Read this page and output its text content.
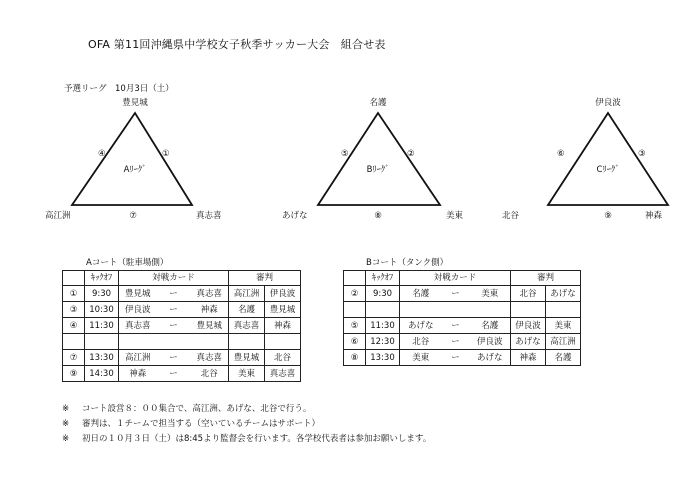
OFA 第11回沖縄県中学校女子秋季サッカー大会　組合せ表
予選リーグ　10月3日（土）
豊見城
高江洲	真志喜
④	①
⑦
Aﾘｰｸﾞ
名護
あげな	美東
⑤	②
⑧
Bﾘｰｸﾞ
伊良波
北谷	神森
⑥	③
⑨
Cﾘｰｸﾞ
Aコート（駐車場側）
	ｷｯｸｵﾌ	対戦カード			審判	
①	9:30	豊見城	ー	真志喜	高江洲	伊良波
③	10:30	伊良波	ー	神森	名護	豊見城
④	11:30	真志喜	ー	豊見城	真志喜	神森

⑦	13:30	高江洲	ー	真志喜	豊見城	北谷
⑨	14:30	神森	ー	北谷	美東	真志喜
Bコート（タンク側）
	ｷｯｸｵﾌ	対戦カード			審判	
②	9:30	名護	ー	美東	北谷	あげな

⑤	11:30	あげな	ー	名護	伊良波	美東
⑥	12:30	北谷	ー	伊良波	あげな	高江洲
⑧	13:30	美東	ー	あげな	神森	名護
※ コート設営８：００集合で、高江洲、あげな、北谷で行う。
※ 審判は、１チームで担当する（空いているチームはサポート）
※ 初日の１０月３日（土）は8:45より監督会を行います。各学校代表者は参加お願いします。
